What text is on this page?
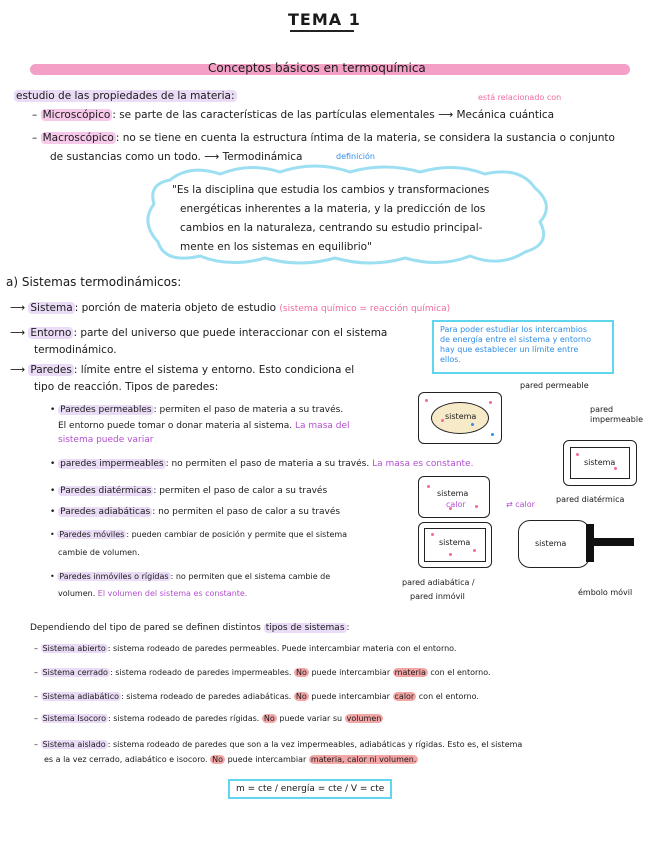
TEMA 1
Conceptos básicos en termoquímica
estudio de las propiedades de la materia:	está relacionado con
– Microscópico : se parte de las características de las partículas elementales ⟶ Mecánica cuántica
– Macroscópico : no se tiene en cuenta la estructura íntima de la materia, se considera la sustancia o conjunto
de sustancias como un todo. ⟶ Termodinámica	definición
"Es la disciplina que estudia los cambios y transformaciones
energéticas inherentes a la materia, y la predicción de los
cambios en la naturaleza, centrando su estudio principal-
mente en los sistemas en equilibrio"
a) Sistemas termodinámicos:
⟶ Sistema : porción de materia objeto de estudio (sistema químico = reacción química)
⟶ Entorno : parte del universo que puede interaccionar con el sistema
termodinámico.
Para poder estudiar los intercambios
de energía entre el sistema y entorno
hay que establecer un límite entre
ellos.
⟶ Paredes : límite entre el sistema y entorno. Esto condiciona el
tipo de reacción. Tipos de paredes:
• Paredes permeables : permiten el paso de materia a su través.
El entorno puede tomar o donar materia al sistema. La masa del
sistema puede variar
• paredes impermeables : no permiten el paso de materia a su través. La masa es constante.
• Paredes diatérmicas : permiten el paso de calor a su través
• Paredes adiabáticas : no permiten el paso de calor a su través
• Paredes móviles : pueden cambiar de posición y permite que el sistema
cambie de volumen.
• Paredes inmóviles o rígidas : no permiten que el sistema cambie de
volumen. El volumen del sistema es constante.
sistema
pared permeable
pared impermeable
sistema
sistema
calor	⇄ calor
pared diatérmica
sistema
pared adiabática /
pared inmóvil
sistema
émbolo móvil
Dependiendo del tipo de pared se definen distintos tipos de sistemas :
– Sistema abierto : sistema rodeado de paredes permeables. Puede intercambiar materia con el entorno.
– Sistema cerrado : sistema rodeado de paredes impermeables. No puede intercambiar materia con el entorno.
– Sistema adiabático : sistema rodeado de paredes adiabáticas. No puede intercambiar calor con el entorno.
– Sistema Isocoro : sistema rodeado de paredes rígidas. No puede variar su volumen
– Sistema aislado : sistema rodeado de paredes que son a la vez impermeables, adiabáticas y rígidas. Esto es, el sistema
es a la vez cerrado, adiabático e isocoro. No puede intercambiar materia, calor ni volumen.
m = cte / energía = cte / V = cte
